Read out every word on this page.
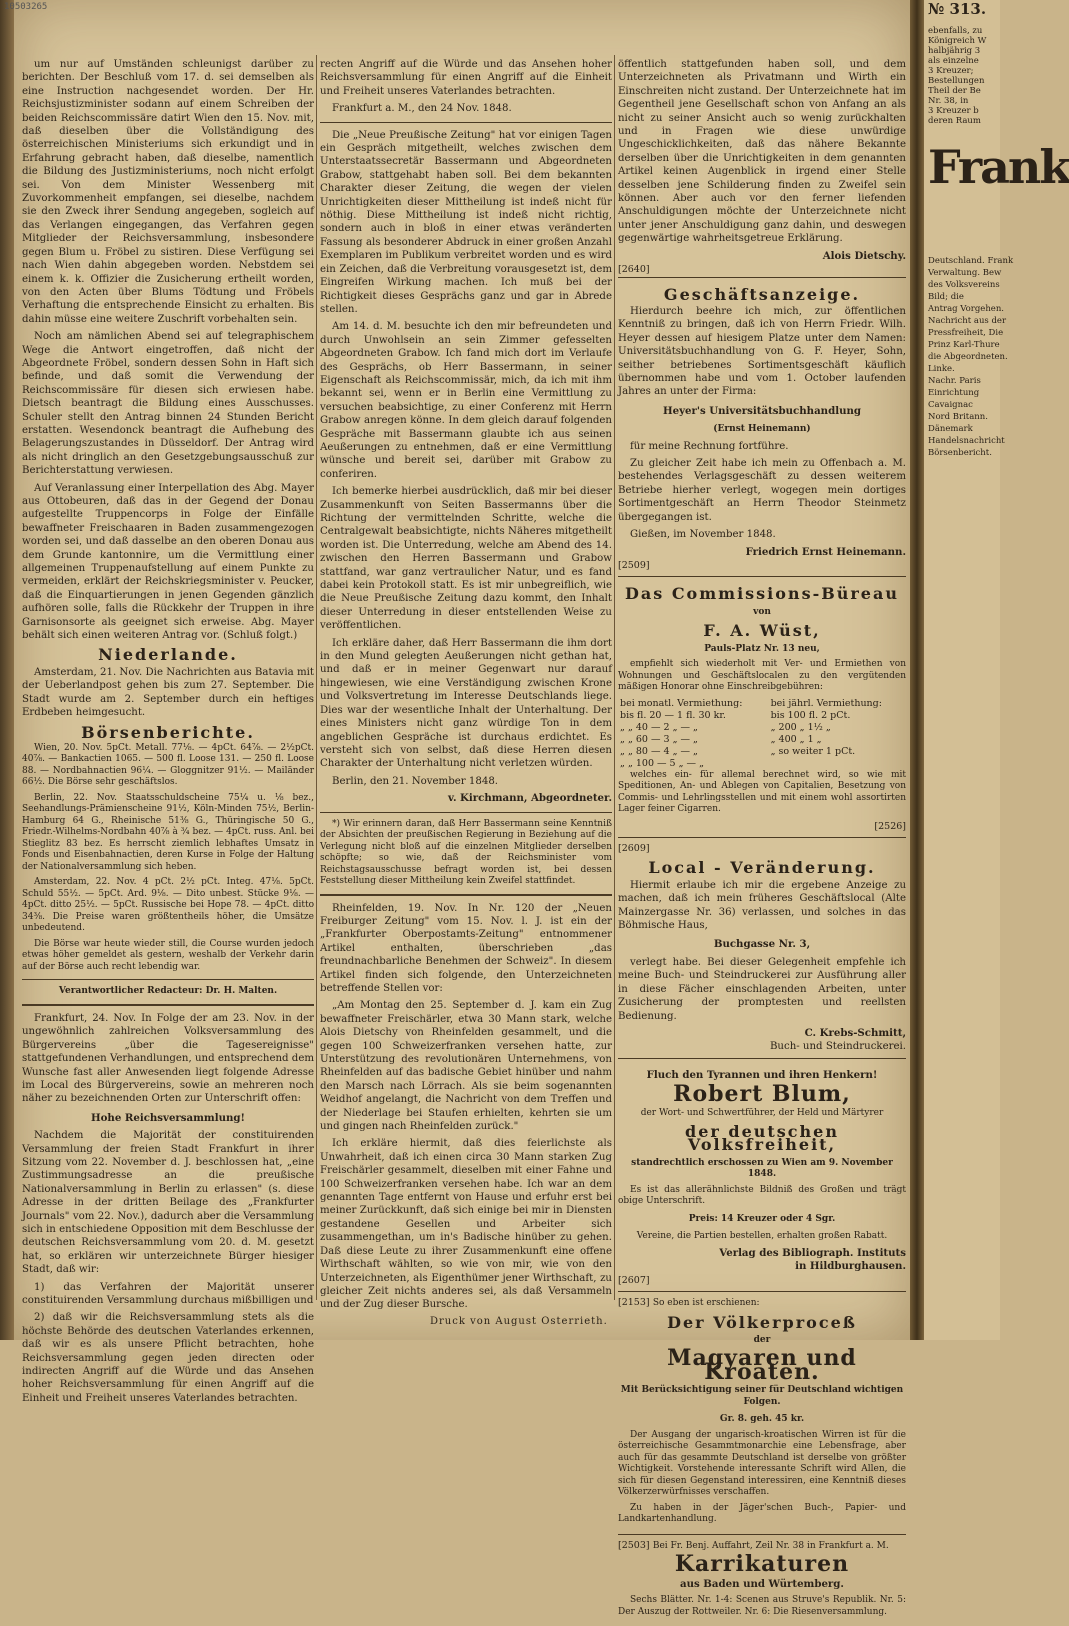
10503265

um nur auf Umständen schleunigst darüber zu berichten. Der Beschluß vom 17. d. sei demselben als eine Instruction nachgesendet worden. Der Hr. Reichsjustizminister sodann auf einem Schreiben der beiden Reichscommissäre datirt Wien den 15. Nov. mit, daß dieselben über die Vollständigung des österreichischen Ministeriums sich erkundigt und in Erfahrung gebracht haben, daß dieselbe, namentlich die Bildung des Justizministeriums, noch nicht erfolgt sei. Von dem Minister Wessenberg mit Zuvorkommenheit empfangen, sei dieselbe, nachdem sie den Zweck ihrer Sendung angegeben, sogleich auf das Verlangen eingegangen, das Verfahren gegen Mitglieder der Reichsversammlung, insbesondere gegen Blum u. Fröbel zu sistiren. Diese Verfügung sei nach Wien dahin abgegeben worden. Nebstdem sei einem k. k. Offizier die Zusicherung ertheilt worden, von den Acten über Blums Tödtung und Fröbels Verhaftung die entsprechende Einsicht zu erhalten. Bis dahin müsse eine weitere Zuschrift vorbehalten sein.

Noch am nämlichen Abend sei auf telegraphischem Wege die Antwort eingetroffen, daß nicht der Abgeordnete Fröbel, sondern dessen Sohn in Haft sich befinde, und daß somit die Verwendung der Reichscommissäre für diesen sich erwiesen habe. Dietsch beantragt die Bildung eines Ausschusses. Schuler stellt den Antrag binnen 24 Stunden Bericht erstatten. Wesendonck beantragt die Aufhebung des Belagerungszustandes in Düsseldorf. Der Antrag wird als nicht dringlich an den Gesetzgebungsausschuß zur Berichterstattung verwiesen.

Auf Veranlassung einer Interpellation des Abg. Mayer aus Ottobeuren, daß das in der Gegend der Donau aufgestellte Truppencorps in Folge der Einfälle bewaffneter Freischaaren in Baden zusammengezogen worden sei, und daß dasselbe an den oberen Donau aus dem Grunde kantonnire, um die Vermittlung einer allgemeinen Truppenaufstellung auf einem Punkte zu vermeiden, erklärt der Reichskriegsminister v. Peucker, daß die Einquartierungen in jenen Gegenden gänzlich aufhören solle, falls die Rückkehr der Truppen in ihre Garnisonsorte als geeignet sich erweise. Abg. Mayer behält sich einen weiteren Antrag vor. (Schluß folgt.)

Niederlande.

Amsterdam, 21. Nov. Die Nachrichten aus Batavia mit der Ueberlandpost gehen bis zum 27. September. Die Stadt wurde am 2. September durch ein heftiges Erdbeben heimgesucht.

Börsenberichte.

Wien, 20. Nov. 5pCt. Metall. 77⅛. — 4pCt. 64⅞. — 2½pCt. 40⅞. — Bankactien 1065. — 500 fl. Loose 131. — 250 fl. Loose 88. — Nordbahnactien 96¼. — Gloggnitzer 91½. — Mailänder 66½. Die Börse sehr geschäftslos.

Berlin, 22. Nov. Staatsschuldscheine 75¼ u. ⅛ bez., Seehandlungs-Prämienscheine 91½, Köln-Minden 75½, Berlin-Hamburg 64 G., Rheinische 51⅜ G., Thüringische 50 G., Friedr.-Wilhelms-Nordbahn 40⅞ à ¾ bez. — 4pCt. russ. Anl. bei Stieglitz 83 bez. Es herrscht ziemlich lebhaftes Umsatz in Fonds und Eisenbahnactien, deren Kurse in Folge der Haltung der Nationalversammlung sich heben.

Amsterdam, 22. Nov. 4 pCt. 2½ pCt. Integ. 47⅛. 5pCt. Schuld 55½. — 5pCt. Ard. 9⅛. — Dito unbest. Stücke 9⅛. — 4pCt. ditto 25½. — 5pCt. Russische bei Hope 78. — 4pCt. ditto 34⅜. Die Preise waren größtentheils höher, die Umsätze unbedeutend.

Die Börse war heute wieder still, die Course wurden jedoch etwas höher gemeldet als gestern, weshalb der Verkehr darin auf der Börse auch recht lebendig war.

Verantwortlicher Redacteur: Dr. H. Malten.

Frankfurt, 24. Nov. In Folge der am 23. Nov. in der ungewöhnlich zahlreichen Volksversammlung des Bürgervereins „über die Tagesereignisse" stattgefundenen Verhandlungen, und entsprechend dem Wunsche fast aller Anwesenden liegt folgende Adresse im Local des Bürgervereins, sowie an mehreren noch näher zu bezeichnenden Orten zur Unterschrift offen:

Hohe Reichsversammlung!

Nachdem die Majorität der constituirenden Versammlung der freien Stadt Frankfurt in ihrer Sitzung vom 22. November d. J. beschlossen hat, „eine Zustimmungsadresse an die preußische Nationalversammlung in Berlin zu erlassen" (s. diese Adresse in der dritten Beilage des „Frankfurter Journals" vom 22. Nov.), dadurch aber die Versammlung sich in entschiedene Opposition mit dem Beschlusse der deutschen Reichsversammlung vom 20. d. M. gesetzt hat, so erklären wir unterzeichnete Bürger hiesiger Stadt, daß wir:

1) das Verfahren der Majorität unserer constituirenden Versammlung durchaus mißbilligen und

2) daß wir die Reichsversammlung stets als die höchste Behörde des deutschen Vaterlandes erkennen, daß wir es als unsere Pflicht betrachten, hohe Reichsversammlung gegen jeden directen oder indirecten Angriff auf die Würde und das Ansehen hoher Reichsversammlung für einen Angriff auf die Einheit und Freiheit unseres Vaterlandes betrachten.

recten Angriff auf die Würde und das Ansehen hoher Reichsversammlung für einen Angriff auf die Einheit und Freiheit unseres Vaterlandes betrachten.

Frankfurt a. M., den 24 Nov. 1848.

Die „Neue Preußische Zeitung" hat vor einigen Tagen ein Gespräch mitgetheilt, welches zwischen dem Unterstaatssecretär Bassermann und Abgeordneten Grabow, stattgehabt haben soll. Bei dem bekannten Charakter dieser Zeitung, die wegen der vielen Unrichtigkeiten dieser Mittheilung ist indeß nicht für nöthig. Diese Mittheilung ist indeß nicht richtig, sondern auch in bloß in einer etwas veränderten Fassung als besonderer Abdruck in einer großen Anzahl Exemplaren im Publikum verbreitet worden und es wird ein Zeichen, daß die Verbreitung vorausgesetzt ist, dem Eingreifen Wirkung machen. Ich muß bei der Richtigkeit dieses Gesprächs ganz und gar in Abrede stellen.

Am 14. d. M. besuchte ich den mir befreundeten und durch Unwohlsein an sein Zimmer gefesselten Abgeordneten Grabow. Ich fand mich dort im Verlaufe des Gesprächs, ob Herr Bassermann, in seiner Eigenschaft als Reichscommissär, mich, da ich mit ihm bekannt sei, wenn er in Berlin eine Vermittlung zu versuchen beabsichtige, zu einer Conferenz mit Herrn Grabow anregen könne. In dem gleich darauf folgenden Gespräche mit Bassermann glaubte ich aus seinen Aeußerungen zu entnehmen, daß er eine Vermittlung wünsche und bereit sei, darüber mit Grabow zu conferiren.

Ich bemerke hierbei ausdrücklich, daß mir bei dieser Zusammenkunft von Seiten Bassermanns über die Richtung der vermittelnden Schritte, welche die Centralgewalt beabsichtigte, nichts Näheres mitgetheilt worden ist. Die Unterredung, welche am Abend des 14. zwischen den Herren Bassermann und Grabow stattfand, war ganz vertraulicher Natur, und es fand dabei kein Protokoll statt. Es ist mir unbegreiflich, wie die Neue Preußische Zeitung dazu kommt, den Inhalt dieser Unterredung in dieser entstellenden Weise zu veröffentlichen.

Ich erkläre daher, daß Herr Bassermann die ihm dort in den Mund gelegten Aeußerungen nicht gethan hat, und daß er in meiner Gegenwart nur darauf hingewiesen, wie eine Verständigung zwischen Krone und Volksvertretung im Interesse Deutschlands liege. Dies war der wesentliche Inhalt der Unterhaltung. Der eines Ministers nicht ganz würdige Ton in dem angeblichen Gespräche ist durchaus erdichtet. Es versteht sich von selbst, daß diese Herren diesen Charakter der Unterhaltung nicht verletzen würden.

Berlin, den 21. November 1848.

v. Kirchmann, Abgeordneter.

*) Wir erinnern daran, daß Herr Bassermann seine Kenntniß der Absichten der preußischen Regierung in Beziehung auf die Verlegung nicht bloß auf die einzelnen Mitglieder derselben schöpfte; so wie, daß der Reichsminister vom Reichstagsausschusse befragt worden ist, bei dessen Feststellung dieser Mittheilung kein Zweifel stattfindet.

Rheinfelden, 19. Nov. In Nr. 120 der „Neuen Freiburger Zeitung" vom 15. Nov. l. J. ist ein der „Frankfurter Oberpostamts-Zeitung" entnommener Artikel enthalten, überschrieben „das freundnachbarliche Benehmen der Schweiz". In diesem Artikel finden sich folgende, den Unterzeichneten betreffende Stellen vor:

„Am Montag den 25. September d. J. kam ein Zug bewaffneter Freischärler, etwa 30 Mann stark, welche Alois Dietschy von Rheinfelden gesammelt, und die gegen 100 Schweizerfranken versehen hatte, zur Unterstützung des revolutionären Unternehmens, von Rheinfelden auf das badische Gebiet hinüber und nahm den Marsch nach Lörrach. Als sie beim sogenannten Weidhof angelangt, die Nachricht von dem Treffen und der Niederlage bei Staufen erhielten, kehrten sie um und gingen nach Rheinfelden zurück."

Ich erkläre hiermit, daß dies feierlichste als Unwahrheit, daß ich einen circa 30 Mann starken Zug Freischärler gesammelt, dieselben mit einer Fahne und 100 Schweizerfranken versehen habe. Ich war an dem genannten Tage entfernt von Hause und erfuhr erst bei meiner Zurückkunft, daß sich einige bei mir in Diensten gestandene Gesellen und Arbeiter sich zusammengethan, um in's Badische hinüber zu gehen. Daß diese Leute zu ihrer Zusammenkunft eine offene Wirthschaft wählten, so wie von mir, wie von den Unterzeichneten, als Eigenthümer jener Wirthschaft, zu gleicher Zeit nichts anderes sei, als daß Versammeln und der Zug dieser Bursche.

öffentlich stattgefunden haben soll, und dem Unterzeichneten als Privatmann und Wirth ein Einschreiten nicht zustand. Der Unterzeichnete hat im Gegentheil jene Gesellschaft schon von Anfang an als nicht zu seiner Ansicht auch so wenig zurückhalten und in Fragen wie diese unwürdige Ungeschicklichkeiten, daß das nähere Bekannte derselben über die Unrichtigkeiten in dem genannten Artikel keinen Augenblick in irgend einer Stelle desselben jene Schilderung finden zu Zweifel sein können. Aber auch vor den ferner liefenden Anschuldigungen möchte der Unterzeichnete nicht unter jener Anschuldigung ganz dahin, und deswegen gegenwärtige wahrheitsgetreue Erklärung.

Alois Dietschy.
[2640]
Geschäftsanzeige.

Hierdurch beehre ich mich, zur öffentlichen Kenntniß zu bringen, daß ich von Herrn Friedr. Wilh. Heyer dessen auf hiesigem Platze unter dem Namen: Universitätsbuchhandlung von G. F. Heyer, Sohn, seither betriebenes Sortimentsgeschäft käuflich übernommen habe und vom 1. October laufenden Jahres an unter der Firma:

Heyer's Universitätsbuchhandlung
(Ernst Heinemann)

für meine Rechnung fortführe.

Zu gleicher Zeit habe ich mein zu Offenbach a. M. bestehendes Verlagsgeschäft zu dessen weiterem Betriebe hierher verlegt, wogegen mein dortiges Sortimentgeschäft an Herrn Theodor Steinmetz übergegangen ist.

Gießen, im November 1848.

Friedrich Ernst Heinemann.
[2509]
Das Commissions-Büreau
von
F. A. Wüst,
Pauls-Platz Nr. 13 neu,

empfiehlt sich wiederholt mit Ver- und Ermiethen von Wohnungen und Geschäftslocalen zu den vergütenden mäßigen Honorar ohne Einschreibgebühren:

bei monatl. Vermiethung:	bei jährl. Vermiethung:
bis fl. 20 — 1 fl. 30 kr.	bis 100 fl. 2 pCt.
„ „ 40 — 2 „ — „	„ 200 „ 1½ „
„ „ 60 — 3 „ — „	„ 400 „ 1 „
„ „ 80 — 4 „ — „	„ so weiter 1 pCt.
„ „ 100 — 5 „ — „	

welches ein- für allemal berechnet wird, so wie mit Speditionen, An- und Ablegen von Capitalien, Besetzung von Commis- und Lehrlingsstellen und mit einem wohl assortirten Lager feiner Cigarren.

[2526]
[2609]
Local - Veränderung.

Hiermit erlaube ich mir die ergebene Anzeige zu machen, daß ich mein früheres Geschäftslocal (Alte Mainzergasse Nr. 36) verlassen, und solches in das Böhmische Haus,

Buchgasse Nr. 3,

verlegt habe. Bei dieser Gelegenheit empfehle ich meine Buch- und Steindruckerei zur Ausführung aller in diese Fächer einschlagenden Arbeiten, unter Zusicherung der promptesten und reellsten Bedienung.

C. Krebs-Schmitt,
Buch- und Steindruckerei.
Fluch den Tyrannen und ihren Henkern!
Robert Blum,
der Wort- und Schwertführer, der Held und Märtyrer
der deutschen Volksfreiheit,
standrechtlich erschossen zu Wien am 9. November 1848.

Es ist das allerähnlichste Bildniß des Großen und trägt obige Unterschrift.

Preis: 14 Kreuzer oder 4 Sgr.
Vereine, die Partien bestellen, erhalten großen Rabatt.
Verlag des Bibliograph. Instituts
in Hildburghausen.
[2607]
[2153] So eben ist erschienen:
Der Völkerproceß
der
Magyaren und Kroaten.
Mit Berücksichtigung seiner für Deutschland wichtigen Folgen.
Gr. 8. geh. 45 kr.

Der Ausgang der ungarisch-kroatischen Wirren ist für die österreichische Gesammtmonarchie eine Lebensfrage, aber auch für das gesammte Deutschland ist derselbe von größter Wichtigkeit. Vorstehende interessante Schrift wird Allen, die sich für diesen Gegenstand interessiren, eine Kenntniß dieses Völkerzerwürfnisses verschaffen.

Zu haben in der Jäger'schen Buch-, Papier- und Landkartenhandlung.

[2503] Bei Fr. Benj. Auffahrt, Zeil Nr. 38 in Frankfurt a. M.
Karrikaturen
aus Baden und Würtemberg.

Sechs Blätter. Nr. 1-4: Scenen aus Struve's Republik. Nr. 5: Der Auszug der Rottweiler. Nr. 6: Die Riesenversammlung.

Druck von August Osterrieth.
№ 313.
ebenfalls, zu
Königreich W
halbjährig 3
als einzelne
3 Kreuzer;
Bestellungen
Theil der Be
Nr. 38, in
3 Kreuzer b
deren Raum
Frank
Deutschland. Frank
Verwaltung. Bew
des Volksvereins
Bild; die
Antrag Vorgehen.
Nachricht aus der
Pressfreiheit, Die
Prinz Karl-Thure
die Abgeordneten.
Linke.
Nachr. Paris
Einrichtung
Cavaignac
Nord Britann.
Dänemark
Handelsnachricht
Börsenbericht.
